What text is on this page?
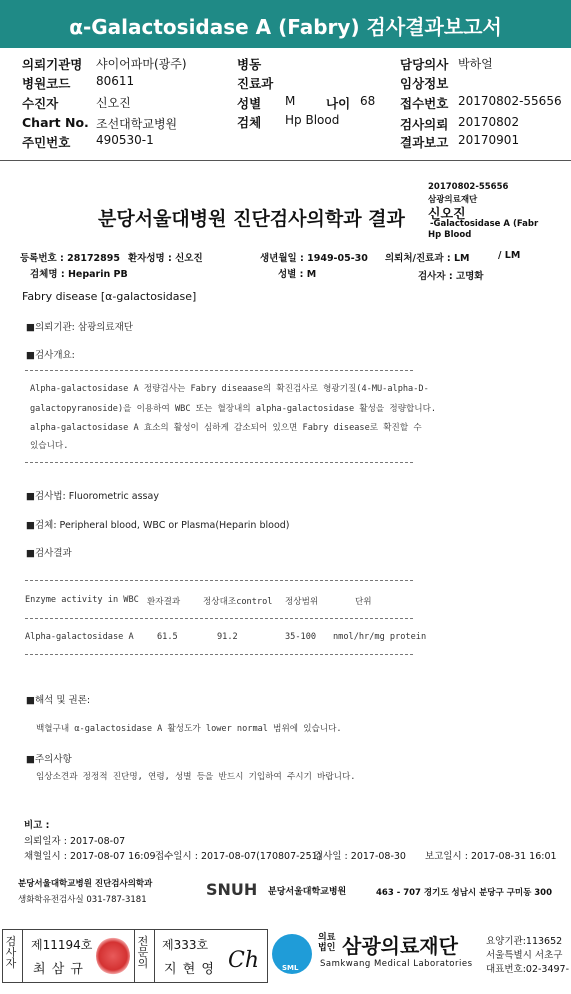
α-Galactosidase A (Fabry) 검사결과보고서
의뢰기관명 샤이어파마(광주)
병원코드 80611
수진자	신오진
Chart No. 조선대학교병원
주민번호 490530-1
병동
진료과
성별 M 나이 68
검체 Hp Blood
담당의사 박하얼
임상정보
접수번호 20170802-55656
검사의뢰 20170802
결과보고 20170901
분당서울대병원 진단검사의학과 결과
20170802-55656
삼광의료재단
신오진
-Galactosidase A (Fabr
Hp Blood
등록번호 : 28172895 환자성명 : 신오진	생년월일 : 1949-05-30 의뢰처/진료과 : LM	/ LM
검체명 : Heparin PB	성별 : M	검사자 : 고명화
Fabry disease [α-galactosidase]
■의뢰기관: 삼광의료재단
■검사개요:
Alpha-galactosidase A 정량검사는 Fabry diseaase의 확진검사로 형광기질(4-MU-alpha-D-
galactopyranoside)을 이용하여 WBC 또는 혈장내의 alpha-galactosidase 활성을 정량합니다.
alpha-galactosidase A 효소의 활성이 심하게 감소되어 있으면 Fabry disease로 확진할 수
있습니다.
■검사법: Fluorometric assay
■검체: Peripheral blood, WBC or Plasma(Heparin blood)
■검사결과
Enzyme activity in WBC 환자결과	정상대조control 정상범위	단위
Alpha-galactosidase A	61.5	91.2	35-100 nmol/hr/mg protein
■해석 및 권론:
백혈구내 α-galactosidase A 활성도가 lower normal 범위에 있습니다.
■주의사항
임상소견과 정정적 진단명, 연령, 성별 등을 반드시 기입하여 주시기 바랍니다.
비고 :
의뢰일자 : 2017-08-07
채혈일시 : 2017-08-07 16:09 접수일시 : 2017-08-07(170807-251)
검사일 : 2017-08-30 보고일시 : 2017-08-31 16:01
분당서울대학교병원 진단검사의학과
생화학유전검사실 031-787-3181
SNUH 분당서울대학교병원	463 - 707 경기도 성남시 분당구 구미동 300
검사자
제11194호
최 삼 규
전문의
제333호
지 현 영 Ch	SML
의료법인 삼광의료재단
Samkwang Medical Laboratories
요양기관:113652
서울특별시 서초구
대표번호:02-3497-
